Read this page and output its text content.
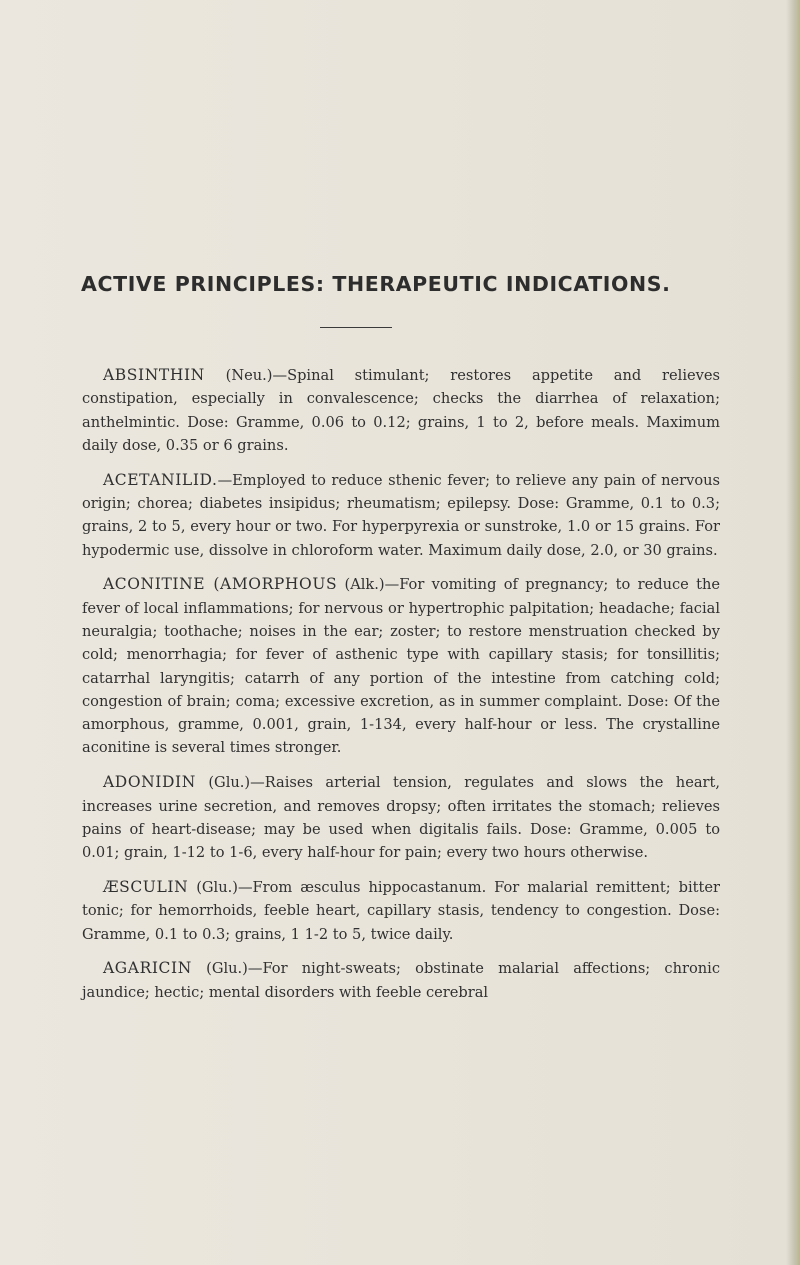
ACTIVE PRINCIPLES: THERAPEUTIC INDICATIONS.

ABSINTHIN (Neu.)—Spinal stimulant; restores appetite and relieves constipation, especially in convalescence; checks the diarrhea of relaxation; anthelmintic. Dose: Gramme, 0.06 to 0.12; grains, 1 to 2, before meals. Maximum daily dose, 0.35 or 6 grains.

ACETANILID.—Employed to reduce sthenic fever; to relieve any pain of nervous origin; chorea; diabetes insipidus; rheumatism; epilepsy. Dose: Gramme, 0.1 to 0.3; grains, 2 to 5, every hour or two. For hyperpyrexia or sunstroke, 1.0 or 15 grains. For hypodermic use, dissolve in chloroform water. Maximum daily dose, 2.0, or 30 grains.

ACONITINE (AMORPHOUS (Alk.)—For vomiting of pregnancy; to reduce the fever of local inflammations; for nervous or hypertrophic palpitation; headache; facial neuralgia; toothache; noises in the ear; zoster; to restore menstruation checked by cold; menorrhagia; for fever of asthenic type with capillary stasis; for tonsillitis; catarrhal laryngitis; catarrh of any portion of the intestine from catching cold; congestion of brain; coma; excessive excretion, as in summer complaint. Dose: Of the amorphous, gramme, 0.001, grain, 1-134, every half-hour or less. The crystalline aconitine is several times stronger.

ADONIDIN (Glu.)—Raises arterial tension, regulates and slows the heart, increases urine secretion, and removes dropsy; often irritates the stomach; relieves pains of heart-disease; may be used when digitalis fails. Dose: Gramme, 0.005 to 0.01; grain, 1-12 to 1-6, every half-hour for pain; every two hours otherwise.

ÆSCULIN (Glu.)—From æsculus hippocastanum. For malarial remittent; bitter tonic; for hemorrhoids, feeble heart, capillary stasis, tendency to congestion. Dose: Gramme, 0.1 to 0.3; grains, 1 1-2 to 5, twice daily.

AGARICIN (Glu.)—For night-sweats; obstinate malarial affections; chronic jaundice; hectic; mental disorders with feeble cerebral
